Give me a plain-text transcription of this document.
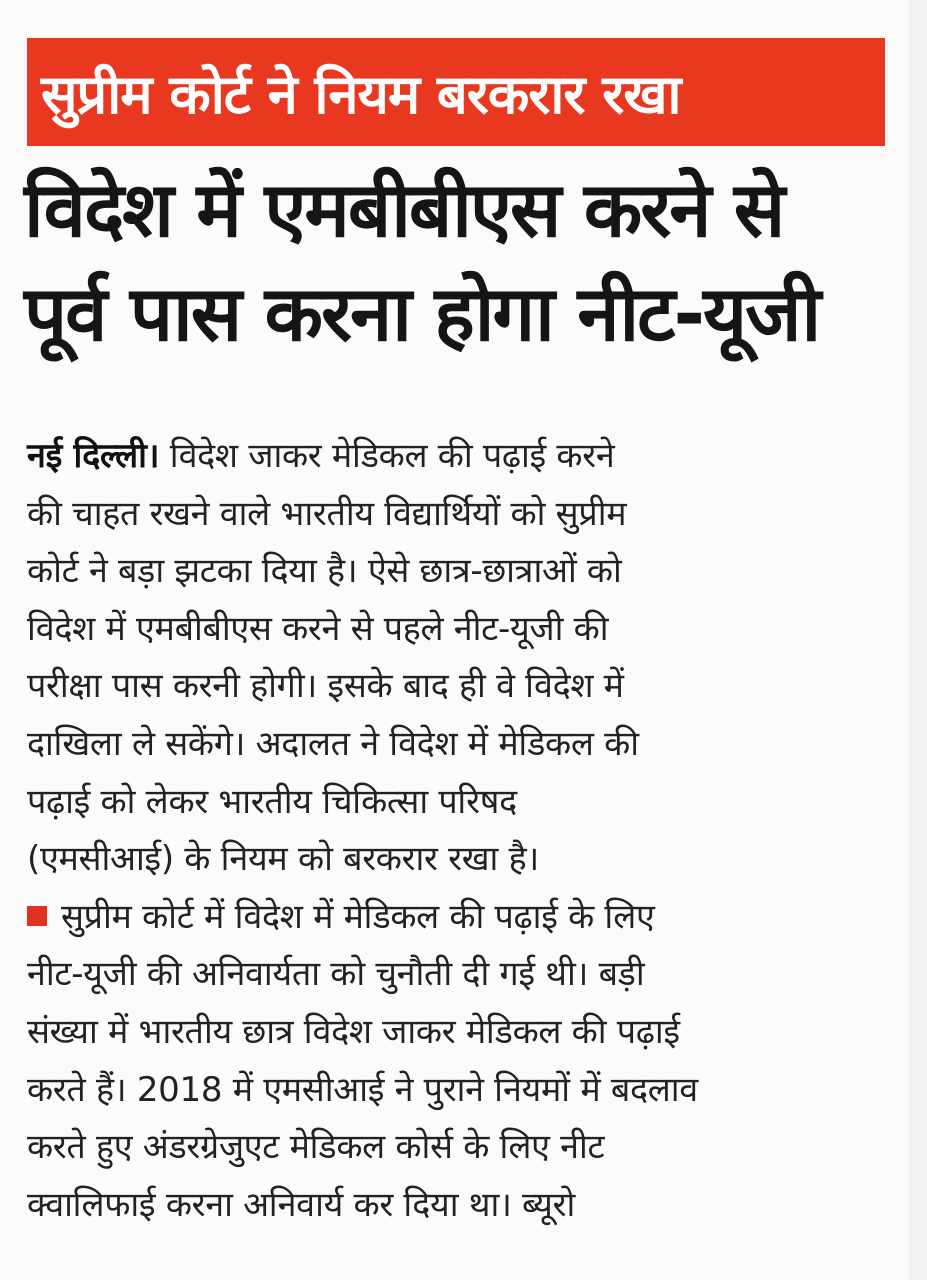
सुप्रीम कोर्ट ने नियम बरकरार रखा
विदेश में एमबीबीएस करने से
पूर्व पास करना होगा नीट-यूजी
नई दिल्ली। विदेश जाकर मेडिकल की पढ़ाई करने
की चाहत रखने वाले भारतीय विद्यार्थियों को सुप्रीम
कोर्ट ने बड़ा झटका दिया है। ऐसे छात्र-छात्राओं को
विदेश में एमबीबीएस करने से पहले नीट-यूजी की
परीक्षा पास करनी होगी। इसके बाद ही वे विदेश में
दाखिला ले सकेंगे। अदालत ने विदेश में मेडिकल की
पढ़ाई को लेकर भारतीय चिकित्सा परिषद
(एमसीआई) के नियम को बरकरार रखा है।
सुप्रीम कोर्ट में विदेश में मेडिकल की पढ़ाई के लिए
नीट-यूजी की अनिवार्यता को चुनौती दी गई थी। बड़ी
संख्या में भारतीय छात्र विदेश जाकर मेडिकल की पढ़ाई
करते हैं। 2018 में एमसीआई ने पुराने नियमों में बदलाव
करते हुए अंडरग्रेजुएट मेडिकल कोर्स के लिए नीट
क्वालिफाई करना अनिवार्य कर दिया था। ब्यूरो
